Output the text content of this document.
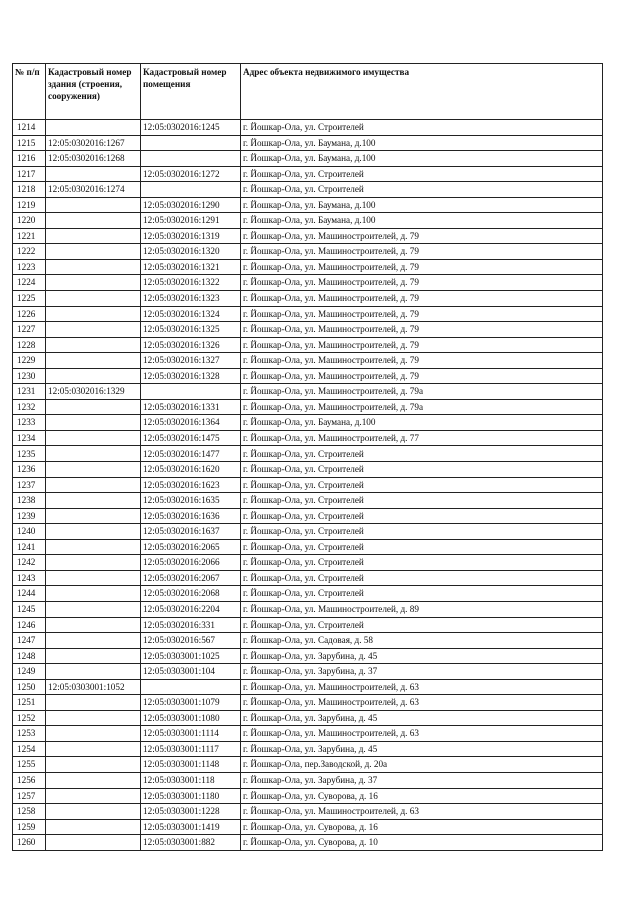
№ п/п	Кадастровый номер здания (строения, сооружения)	Кадастровый номер помещения	Адрес объекта недвижимого имущества
1214		12:05:0302016:1245	г. Йошкар-Ола, ул. Строителей
1215	12:05:0302016:1267		г. Йошкар-Ола, ул. Баумана, д.100
1216	12:05:0302016:1268		г. Йошкар-Ола, ул. Баумана, д.100
1217		12:05:0302016:1272	г. Йошкар-Ола, ул. Строителей
1218	12:05:0302016:1274		г. Йошкар-Ола, ул. Строителей
1219		12:05:0302016:1290	г. Йошкар-Ола, ул. Баумана, д.100
1220		12:05:0302016:1291	г. Йошкар-Ола, ул. Баумана, д.100
1221		12:05:0302016:1319	г. Йошкар-Ола, ул. Машиностроителей, д. 79
1222		12:05:0302016:1320	г. Йошкар-Ола, ул. Машиностроителей, д. 79
1223		12:05:0302016:1321	г. Йошкар-Ола, ул. Машиностроителей, д. 79
1224		12:05:0302016:1322	г. Йошкар-Ола, ул. Машиностроителей, д. 79
1225		12:05:0302016:1323	г. Йошкар-Ола, ул. Машиностроителей, д. 79
1226		12:05:0302016:1324	г. Йошкар-Ола, ул. Машиностроителей, д. 79
1227		12:05:0302016:1325	г. Йошкар-Ола, ул. Машиностроителей, д. 79
1228		12:05:0302016:1326	г. Йошкар-Ола, ул. Машиностроителей, д. 79
1229		12:05:0302016:1327	г. Йошкар-Ола, ул. Машиностроителей, д. 79
1230		12:05:0302016:1328	г. Йошкар-Ола, ул. Машиностроителей, д. 79
1231	12:05:0302016:1329		г. Йошкар-Ола, ул. Машиностроителей, д. 79а
1232		12:05:0302016:1331	г. Йошкар-Ола, ул. Машиностроителей, д. 79а
1233		12:05:0302016:1364	г. Йошкар-Ола, ул. Баумана, д.100
1234		12:05:0302016:1475	г. Йошкар-Ола, ул. Машиностроителей, д. 77
1235		12:05:0302016:1477	г. Йошкар-Ола, ул. Строителей
1236		12:05:0302016:1620	г. Йошкар-Ола, ул. Строителей
1237		12:05:0302016:1623	г. Йошкар-Ола, ул. Строителей
1238		12:05:0302016:1635	г. Йошкар-Ола, ул. Строителей
1239		12:05:0302016:1636	г. Йошкар-Ола, ул. Строителей
1240		12:05:0302016:1637	г. Йошкар-Ола, ул. Строителей
1241		12:05:0302016:2065	г. Йошкар-Ола, ул. Строителей
1242		12:05:0302016:2066	г. Йошкар-Ола, ул. Строителей
1243		12:05:0302016:2067	г. Йошкар-Ола, ул. Строителей
1244		12:05:0302016:2068	г. Йошкар-Ола, ул. Строителей
1245		12:05:0302016:2204	г. Йошкар-Ола, ул. Машиностроителей, д. 89
1246		12:05:0302016:331	г. Йошкар-Ола, ул. Строителей
1247		12:05:0302016:567	г. Йошкар-Ола, ул. Садовая, д. 58
1248		12:05:0303001:1025	г. Йошкар-Ола, ул. Зарубина, д. 45
1249		12:05:0303001:104	г. Йошкар-Ола, ул. Зарубина, д. 37
1250	12:05:0303001:1052		г. Йошкар-Ола, ул. Машиностроителей, д. 63
1251		12:05:0303001:1079	г. Йошкар-Ола, ул. Машиностроителей, д. 63
1252		12:05:0303001:1080	г. Йошкар-Ола, ул. Зарубина, д. 45
1253		12:05:0303001:1114	г. Йошкар-Ола, ул. Машиностроителей, д. 63
1254		12:05:0303001:1117	г. Йошкар-Ола, ул. Зарубина, д. 45
1255		12:05:0303001:1148	г. Йошкар-Ола, пер.Заводской, д. 20а
1256		12:05:0303001:118	г. Йошкар-Ола, ул. Зарубина, д. 37
1257		12:05:0303001:1180	г. Йошкар-Ола, ул. Суворова, д. 16
1258		12:05:0303001:1228	г. Йошкар-Ола, ул. Машиностроителей, д. 63
1259		12:05:0303001:1419	г. Йошкар-Ола, ул. Суворова, д. 16
1260		12:05:0303001:882	г. Йошкар-Ола, ул. Суворова, д. 10
